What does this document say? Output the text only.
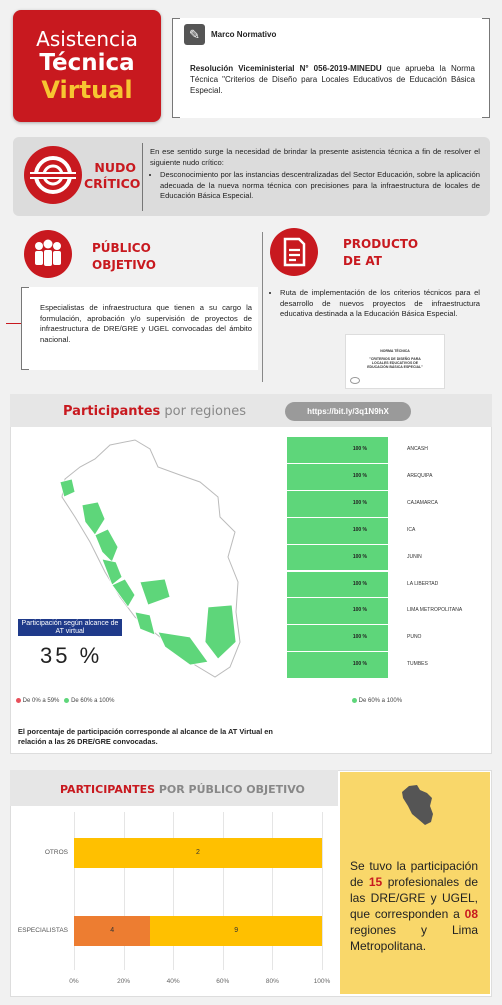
Asistencia
Técnica
Virtual
✎	Marco Normativo
Resolución Viceministerial N° 056-2019-MINEDU que aprueba la Norma Técnica "Criterios de Diseño para Locales Educativos de Educación Básica Especial.
NUDO
CRÍTICO
En ese sentido surge la necesidad de brindar la presente asistencia técnica a fin de resolver el siguiente nudo crítico:
• Desconocimiento por las instancias descentralizadas del Sector Educación, sobre la aplicación adecuada de la nueva norma técnica con precisiones para la infraestructura de locales de Educación Básica Especial.
PÚBLICO
OBJETIVO
Especialistas de infraestructura que tienen a su cargo la formulación, aprobación y/o supervisión de proyectos de infraestructura de DRE/GRE y UGEL convocadas del ámbito nacional.
PRODUCTO
DE AT
• Ruta de implementación de los criterios técnicos para el desarrollo de nuevos proyectos de infraestructura educativa destinada a la Educación Básica Especial.
NORMA TÉCNICA
"CRITERIOS DE DISEÑO PARA LOCALES EDUCATIVOS DE EDUCACIÓN BÁSICA ESPECIAL"
Participantes por regiones	https://bit.ly/3q1N9hX
Participación según alcance de AT virtual
35 %
De 0% a 59% De 60% a 100%
El porcentaje de participación corresponde al alcance de la AT Virtual en relación a las 26 DRE/GRE convocadas.
100 %	ANCASH
100 %	AREQUIPA
100 %	CAJAMARCA
100 %	ICA
100 %	JUNIN
100 %	LA LIBERTAD
100 %	LIMA METROPOLITANA
100 %	PUNO
100 %	TUMBES
De 60% a 100%
PARTICIPANTES POR PÚBLICO OBJETIVO
0%	20%	40%	60%	80%	100%
OTROS	2
ESPECIALISTAS	4	9
Se tuvo la participación de 15 profesionales de las DRE/GRE y UGEL, que corresponden a 08 regiones y Lima Metropolitana.
